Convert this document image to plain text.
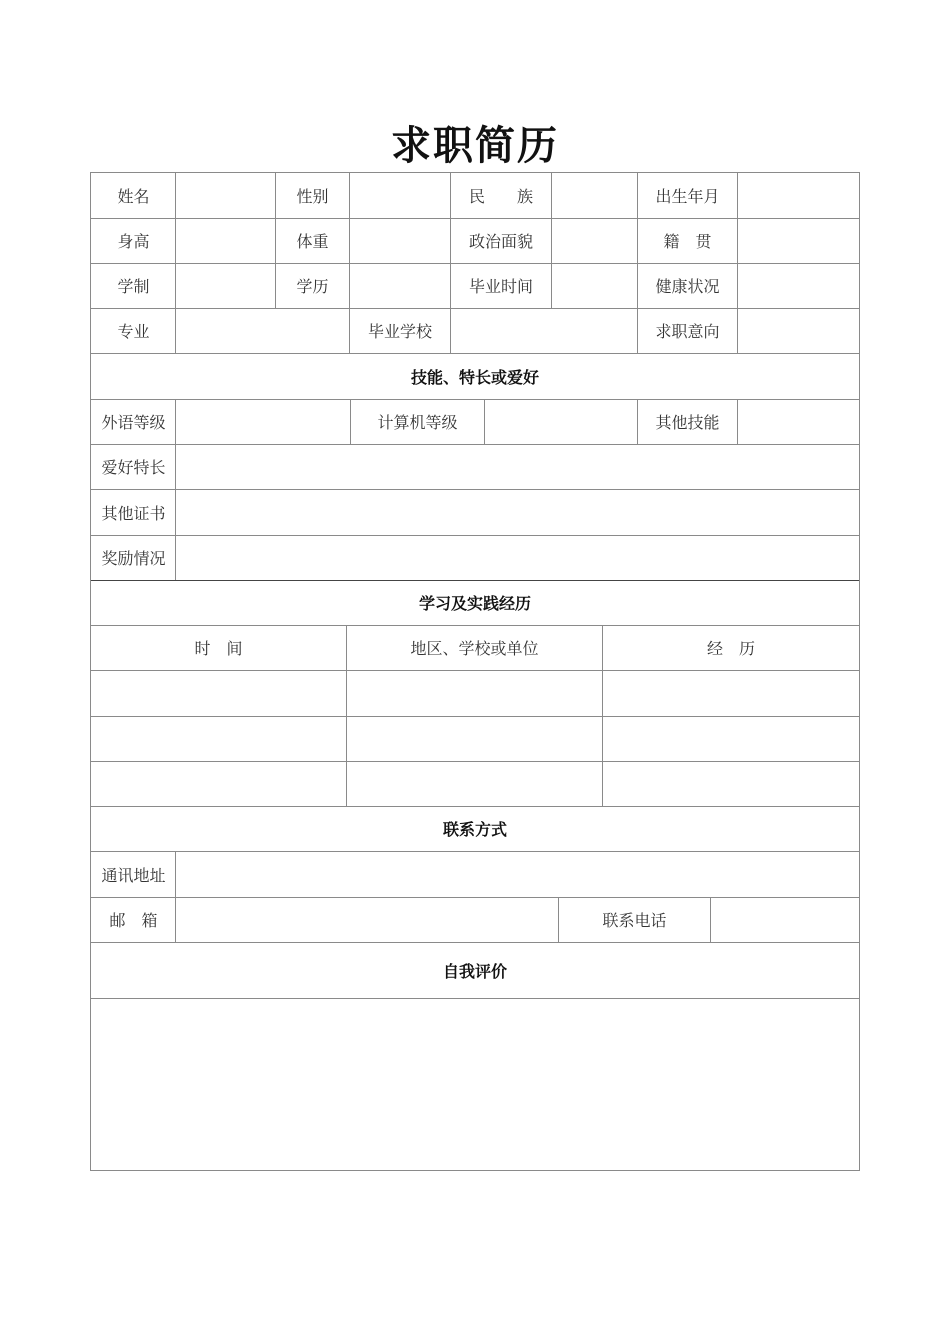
求职简历
姓名	性别	民　　族	出生年月
身高	体重	政治面貌	籍　贯
学制	学历	毕业时间	健康状况
专业	毕业学校	求职意向
技能、特长或爱好
外语等级	计算机等级	其他技能
爱好特长
其他证书
奖励情况
学习及实践经历
时　间	地区、学校或单位	经　历
联系方式
通讯地址
邮　箱	联系电话
自我评价
